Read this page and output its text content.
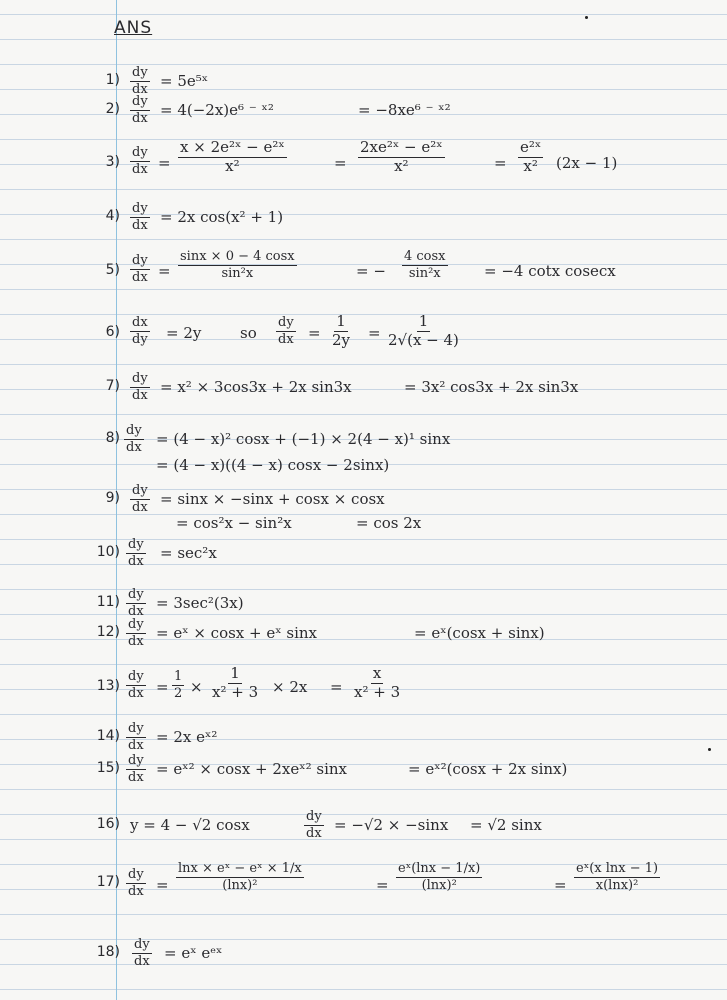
ANS
$1) \frac{dy}{dx}$ = 5e⁵ˣ
$2) \frac{dy}{dx} = 4(-2x)e^6$ ⁻ ˣ²	= −8xe⁶ ⁻ ˣ²
$3) \frac{dy}{dx} = \frac{\text{x × 2e²ˣ − e²ˣ}}{\text{x²}}$	= $\frac{\text{2xe²ˣ − e²ˣ}}{\text{x²}}$	= $\frac{\text{e²ˣ}}{\text{x²}} (2x - 1)$
$4) \frac{dy}{dx} = 2x$ cos(x² + 1)
$5) \frac{dy}{dx} = \frac{\sin x \times 0 - 4 \cos x}{\text{sin²x}}$	= − $\frac{4 \cos x}{\text{sin²x}} = -4$ cotx cosecx
$6) \frac{dx}{dy} = 2y$	so $\frac{dy}{dx} = \frac{1}{2y} = \frac{1}{2√(x - 4)}$
$7) \frac{dy}{dx} = x^2 \times 3\cos 3x + 2x$ sin3x	= 3x² cos3x + 2x sin3x
$8) \frac{dy}{dx} = (4 - x)^2$ cosx + (−1) × 2(4 − x)¹ sinx
= (4 − x)((4 − x) cosx − 2sinx)
$9) \frac{dy}{dx} = \sin x \times -\sin x + \cos x \times \cos x$
= cos²x − sin²x	= cos 2x
$10) \frac{dy}{dx} = \sec^2x$
$11) \frac{dy}{dx} = 3\sec^2(3x)$
$12) \frac{dy}{dx}$ = eˣ × cosx + eˣ sinx	= eˣ(cosx + sinx)
$13) \frac{dy}{dx} = \frac{1}{2} \times \frac{1}{\text{x² + 3}} \times 2x = \frac{x}{\text{x² + 3}}$
$14) \frac{dy}{dx} = 2x$ eˣ²
$15) \frac{dy}{dx}$ = eˣ² × cosx + 2xeˣ² sinx	= eˣ²(cosx + 2x sinx)
16) y = 4 − √2 cosx	$\frac{dy}{dx} = -√2 \times -\sin x = √2$ sinx
$17) \frac{dy}{dx} = \frac{\text{lnx × eˣ − eˣ × 1/x}}{\text{(lnx)²}}$	= $\frac{\text{eˣ(lnx − 1/x)}}{\text{(lnx)²}}$	= $\frac{\text{eˣ(x lnx − 1)}}{\text{x(lnx)²}}$
$18) \frac{dy}{dx}$ = eˣ eᵉˣ
